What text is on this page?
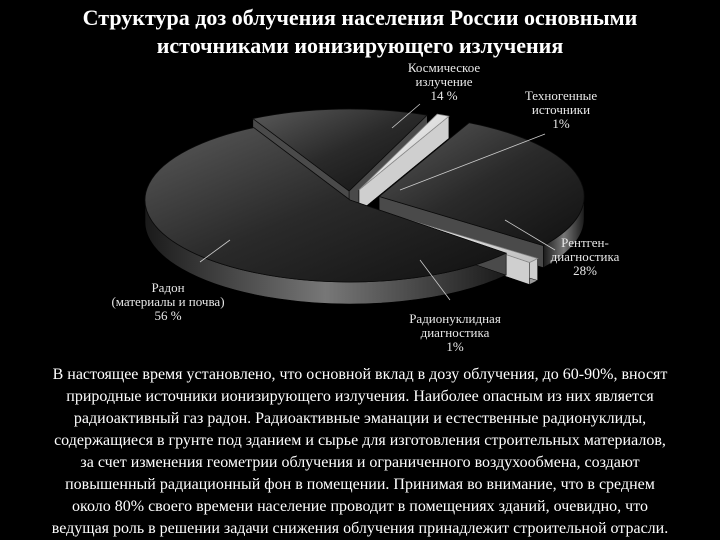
Структура доз облучения населения России основными
источниками ионизирующего излучения
Космическое излучение 14 %	Техногенные источники 1%
Рентген-диагностика 28%
Радионуклидная диагностика 1%
Радон (материалы и почва) 56 %
В настоящее время установлено, что основной вклад в дозу облучения, до 60-90%, вносят
природные источники ионизирующего излучения. Наиболее опасным из них является
радиоактивный газ радон. Радиоактивные эманации и естественные радионуклиды,
содержащиеся в грунте под зданием и сырье для изготовления строительных материалов,
за счет изменения геометрии облучения и ограниченного воздухообмена, создают
повышенный радиационный фон в помещении. Принимая во внимание, что в среднем
около 80% своего времени население проводит в помещениях зданий, очевидно, что
ведущая роль в решении задачи снижения облучения принадлежит строительной отрасли.
